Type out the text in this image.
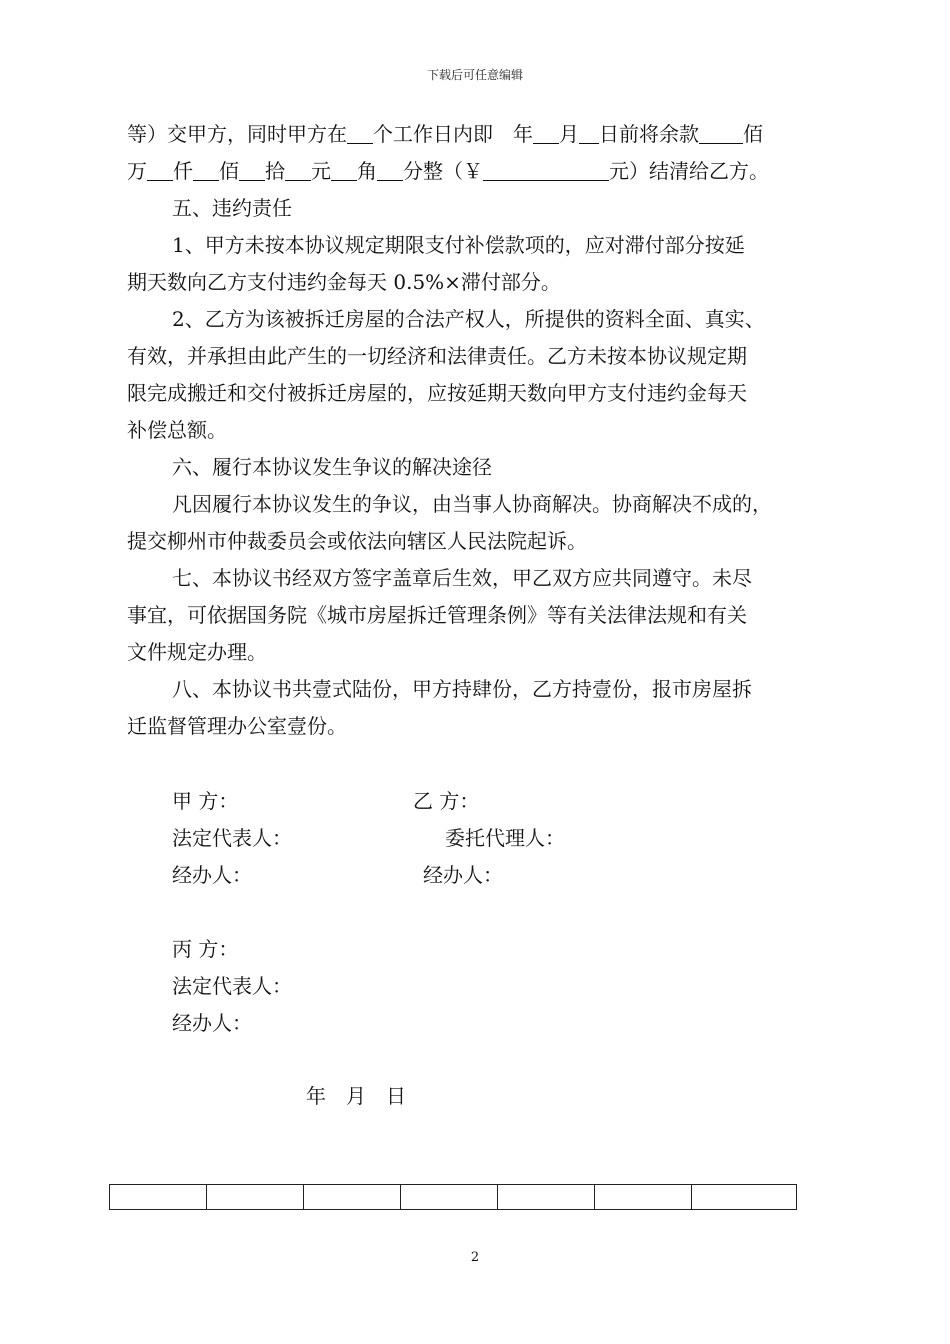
下载后可任意编辑
等）交甲方，同时甲方在 个工作日内即　年 月 日前将余款 佰
万 仟 佰 拾 元 角 分整（￥	元）结清给乙方。
五、违约责任
1、甲方未按本协议规定期限支付补偿款项的，应对滞付部分按延
期天数向乙方支付违约金每天 0.5%×滞付部分。
2、乙方为该被拆迁房屋的合法产权人，所提供的资料全面、真实、
有效，并承担由此产生的一切经济和法律责任。乙方未按本协议规定期
限完成搬迁和交付被拆迁房屋的，应按延期天数向甲方支付违约金每天
补偿总额。
六、履行本协议发生争议的解决途径
凡因履行本协议发生的争议，由当事人协商解决。协商解决不成的，
提交柳州市仲裁委员会或依法向辖区人民法院起诉。
七、本协议书经双方签字盖章后生效，甲乙双方应共同遵守。未尽
事宜，可依据国务院《城市房屋拆迁管理条例》等有关法律法规和有关
文件规定办理。
八、本协议书共壹式陆份，甲方持肆份，乙方持壹份，报市房屋拆
迁监督管理办公室壹份。
甲 方：	乙 方：
法定代表人：	委托代理人：
经办人：	经办人：
丙 方：
法定代表人：
经办人：
年　月　日

2
